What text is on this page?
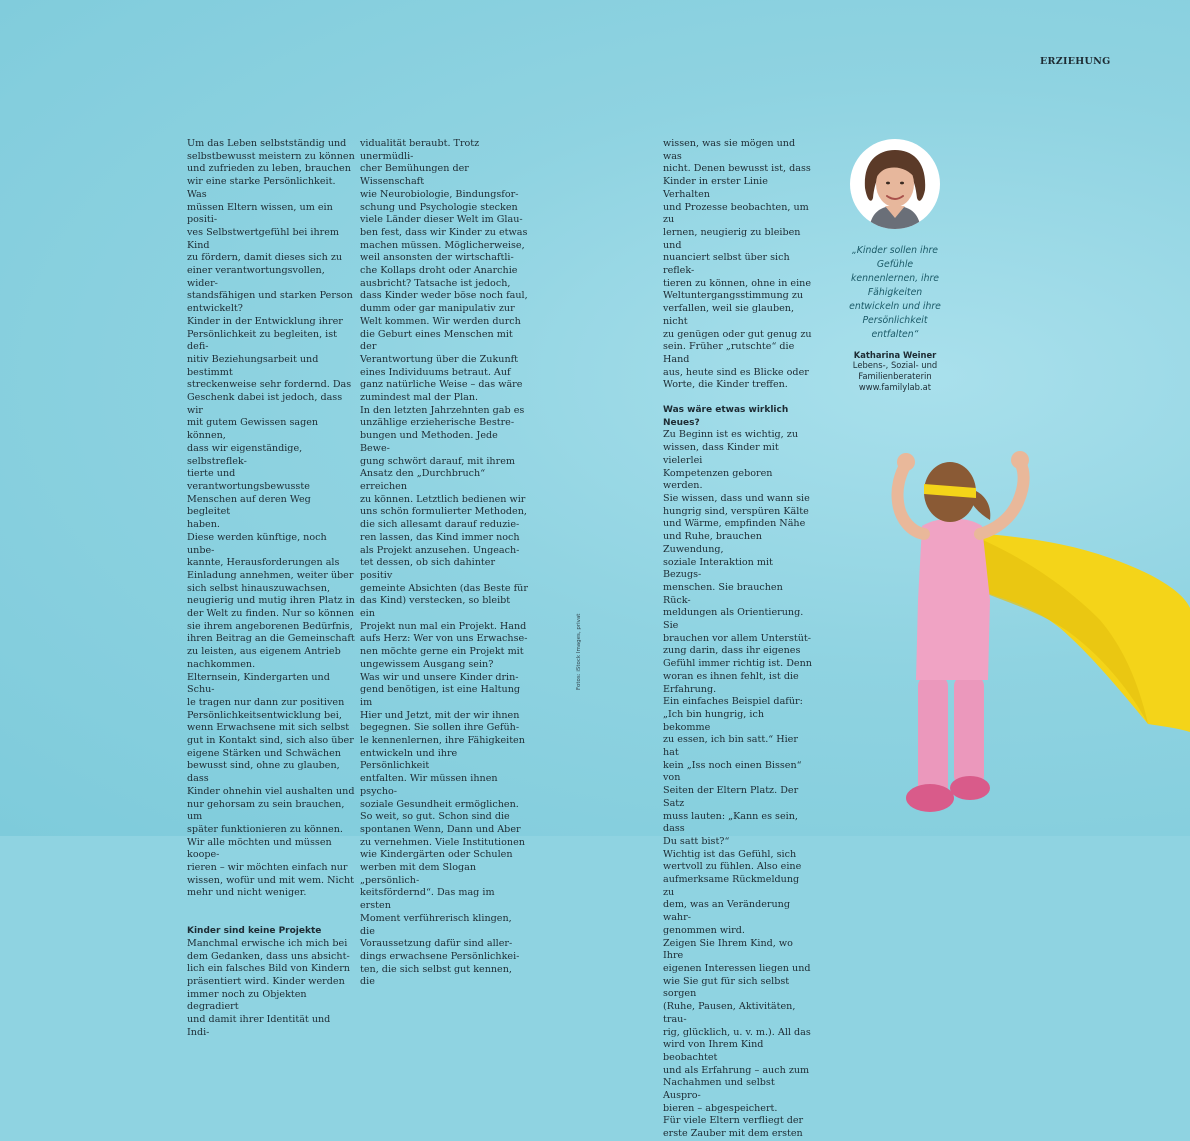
ERZIEHUNG

Um das Leben selbstständig und
selbstbewusst meistern zu können
und zufrieden zu leben, brauchen
wir eine starke Persönlichkeit. Was
müssen Eltern wissen, um ein positi-
ves Selbstwertgefühl bei ihrem Kind
zu fördern, damit dieses sich zu
einer verantwortungsvollen, wider-
standsfähigen und starken Person
entwickelt?

Kinder in der Entwicklung ihrer
Persönlichkeit zu begleiten, ist defi-
nitiv Beziehungsarbeit und bestimmt
streckenweise sehr fordernd. Das
Geschenk dabei ist jedoch, dass wir
mit gutem Gewissen sagen können,
dass wir eigenständige, selbstreflek-
tierte und verantwortungsbewusste
Menschen auf deren Weg begleitet
haben.

Diese werden künftige, noch unbe-
kannte, Herausforderungen als
Einladung annehmen, weiter über
sich selbst hinauszuwachsen,
neugierig und mutig ihren Platz in
der Welt zu finden. Nur so können
sie ihrem angeborenen Bedürfnis,
ihren Beitrag an die Gemeinschaft
zu leisten, aus eigenem Antrieb
nachkommen.

Elternsein, Kindergarten und Schu-
le tragen nur dann zur positiven
Persönlichkeitsentwicklung bei,
wenn Erwachsene mit sich selbst
gut in Kontakt sind, sich also über
eigene Stärken und Schwächen
bewusst sind, ohne zu glauben, dass
Kinder ohnehin viel aushalten und
nur gehorsam zu sein brauchen, um
später funktionieren zu können.

Wir alle möchten und müssen koope-
rieren – wir möchten einfach nur
wissen, wofür und mit wem. Nicht
mehr und nicht weniger.

Kinder sind keine Projekte

Manchmal erwische ich mich bei
dem Gedanken, dass uns absicht-
lich ein falsches Bild von Kindern
präsentiert wird. Kinder werden
immer noch zu Objekten degradiert
und damit ihrer Identität und Indi-

vidualität beraubt. Trotz unermüdli-
cher Bemühungen der Wissenschaft
wie Neurobiologie, Bindungsfor-
schung und Psychologie stecken
viele Länder dieser Welt im Glau-
ben fest, dass wir Kinder zu etwas
machen müssen. Möglicherweise,
weil ansonsten der wirtschaftli-
che Kollaps droht oder Anarchie
ausbricht? Tatsache ist jedoch,
dass Kinder weder böse noch faul,
dumm oder gar manipulativ zur
Welt kommen. Wir werden durch
die Geburt eines Menschen mit der
Verantwortung über die Zukunft
eines Individuums betraut. Auf
ganz natürliche Weise – das wäre
zumindest mal der Plan.

In den letzten Jahrzehnten gab es
unzählige erzieherische Bestre-
bungen und Methoden. Jede Bewe-
gung schwört darauf, mit ihrem
Ansatz den „Durchbruch“ erreichen
zu können. Letztlich bedienen wir
uns schön formulierter Methoden,
die sich allesamt darauf reduzie-
ren lassen, das Kind immer noch
als Projekt anzusehen. Ungeach-
tet dessen, ob sich dahinter positiv
gemeinte Absichten (das Beste für
das Kind) verstecken, so bleibt ein
Projekt nun mal ein Projekt. Hand
aufs Herz: Wer von uns Erwachse-
nen möchte gerne ein Projekt mit
ungewissem Ausgang sein?

Was wir und unsere Kinder drin-
gend benötigen, ist eine Haltung im
Hier und Jetzt, mit der wir ihnen
begegnen. Sie sollen ihre Gefüh-
le kennenlernen, ihre Fähigkeiten
entwickeln und ihre Persönlichkeit
entfalten. Wir müssen ihnen psycho-
soziale Gesundheit ermöglichen.

So weit, so gut. Schon sind die
spontanen Wenn, Dann und Aber
zu vernehmen. Viele Institutionen
wie Kindergärten oder Schulen
werben mit dem Slogan „persönlich-
keitsfördernd“. Das mag im ersten
Moment verführerisch klingen, die
Voraussetzung dafür sind aller-
dings erwachsene Persönlichkei-
ten, die sich selbst gut kennen, die

Fotos: iStock Images, privat

wissen, was sie mögen und was
nicht. Denen bewusst ist, dass
Kinder in erster Linie Verhalten
und Prozesse beobachten, um zu
lernen, neugierig zu bleiben und
nuanciert selbst über sich reflek-
tieren zu können, ohne in eine
Weltuntergangsstimmung zu
verfallen, weil sie glauben, nicht
zu genügen oder gut genug zu
sein. Früher „rutschte“ die Hand
aus, heute sind es Blicke oder
Worte, die Kinder treffen.

Was wäre etwas wirklich Neues?

Zu Beginn ist es wichtig, zu
wissen, dass Kinder mit vielerlei
Kompetenzen geboren werden.
Sie wissen, dass und wann sie
hungrig sind, verspüren Kälte
und Wärme, empfinden Nähe
und Ruhe, brauchen Zuwendung,
soziale Interaktion mit Bezugs-
menschen. Sie brauchen Rück-
meldungen als Orientierung. Sie
brauchen vor allem Unterstüt-
zung darin, dass ihr eigenes
Gefühl immer richtig ist. Denn
woran es ihnen fehlt, ist die
Erfahrung.

Ein einfaches Beispiel dafür:
„Ich bin hungrig, ich bekomme
zu essen, ich bin satt.“ Hier hat
kein „Iss noch einen Bissen“ von
Seiten der Eltern Platz. Der Satz
muss lauten: „Kann es sein, dass
Du satt bist?“

Wichtig ist das Gefühl, sich
wertvoll zu fühlen. Also eine
aufmerksame Rückmeldung zu
dem, was an Veränderung wahr-
genommen wird.

Zeigen Sie Ihrem Kind, wo Ihre
eigenen Interessen liegen und
wie Sie gut für sich selbst sorgen
(Ruhe, Pausen, Aktivitäten, trau-
rig, glücklich, u. v. m.). All das
wird von Ihrem Kind beobachtet
und als Erfahrung – auch zum
Nachahmen und selbst Auspro-
bieren – abgespeichert.

Für viele Eltern verfliegt der
erste Zauber mit dem ersten

„Kinder sollen ihre
Gefühle
kennenlernen, ihre
Fähigkeiten
entwickeln und ihre
Persönlichkeit
entfalten“
Katharina Weiner
Lebens-, Sozial- und
Familienberaterin
www.familylab.at
